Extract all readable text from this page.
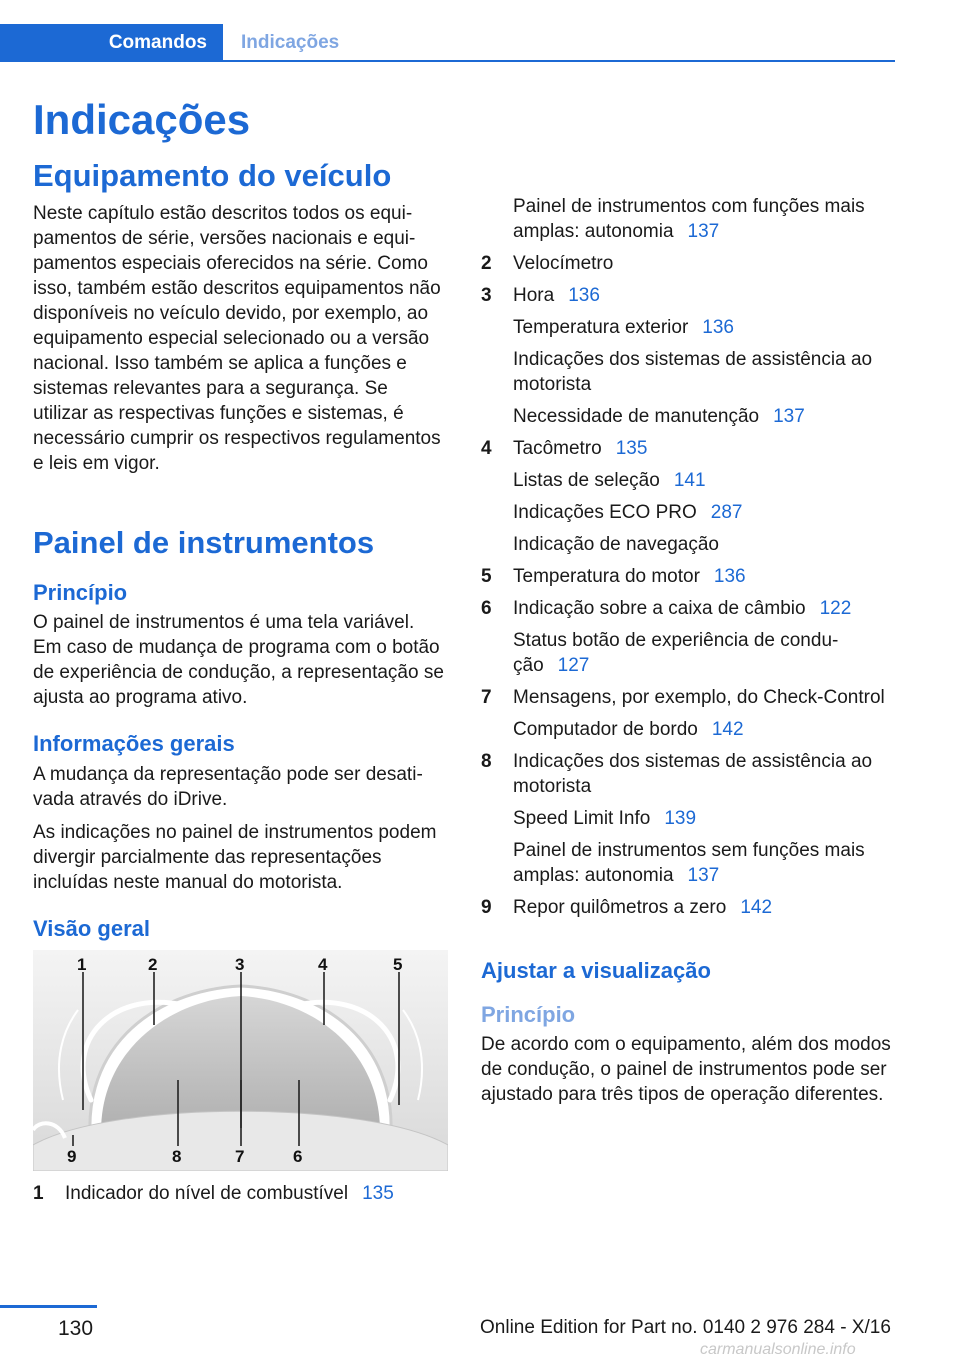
Comandos	Indicações
Indicações
Equipamento do veículo
Neste capítulo estão descritos todos os equipamentos de série, versões nacionais e equipamentos especiais oferecidos na série. Como isso, também estão descritos equipamentos não disponíveis no veículo devido, por exemplo, ao equipamento especial selecionado ou a versão nacional. Isso também se aplica a funções e sistemas relevantes para a segurança. Se utilizar as respectivas funções e sistemas, é necessário cumprir os respectivos regulamentos e leis em vigor.
Painel de instrumentos
Princípio
O painel de instrumentos é uma tela variável. Em caso de mudança de programa com o botão de experiência de condução, a representação se ajusta ao programa ativo.
Informações gerais
A mudança da representação pode ser desativada através do iDrive.
As indicações no painel de instrumentos podem divergir parcialmente das representações incluídas neste manual do motorista.
Visão geral
1	2	3	4	5
6
7
8
9
1	Indicador do nível de combustível 135
Painel de instrumentos com funções mais amplas: autonomia 137
2	Velocímetro
3	Hora 136
Temperatura exterior 136
Indicações dos sistemas de assistência ao motorista
Necessidade de manutenção 137
4	Tacômetro 135
Listas de seleção 141
Indicações ECO PRO 287
Indicação de navegação
5	Temperatura do motor 136
6	Indicação sobre a caixa de câmbio 122
Status botão de experiência de condução 127
7	Mensagens, por exemplo, do Check-Control
Computador de bordo 142
8	Indicações dos sistemas de assistência ao motorista
Speed Limit Info 139
Painel de instrumentos sem funções mais amplas: autonomia 137
9	Repor quilômetros a zero 142
Ajustar a visualização
Princípio
De acordo com o equipamento, além dos modos de condução, o painel de instrumentos pode ser ajustado para três tipos de operação diferentes.
130	Online Edition for Part no. 0140 2 976 284 - X/16
carmanualsonline.info
